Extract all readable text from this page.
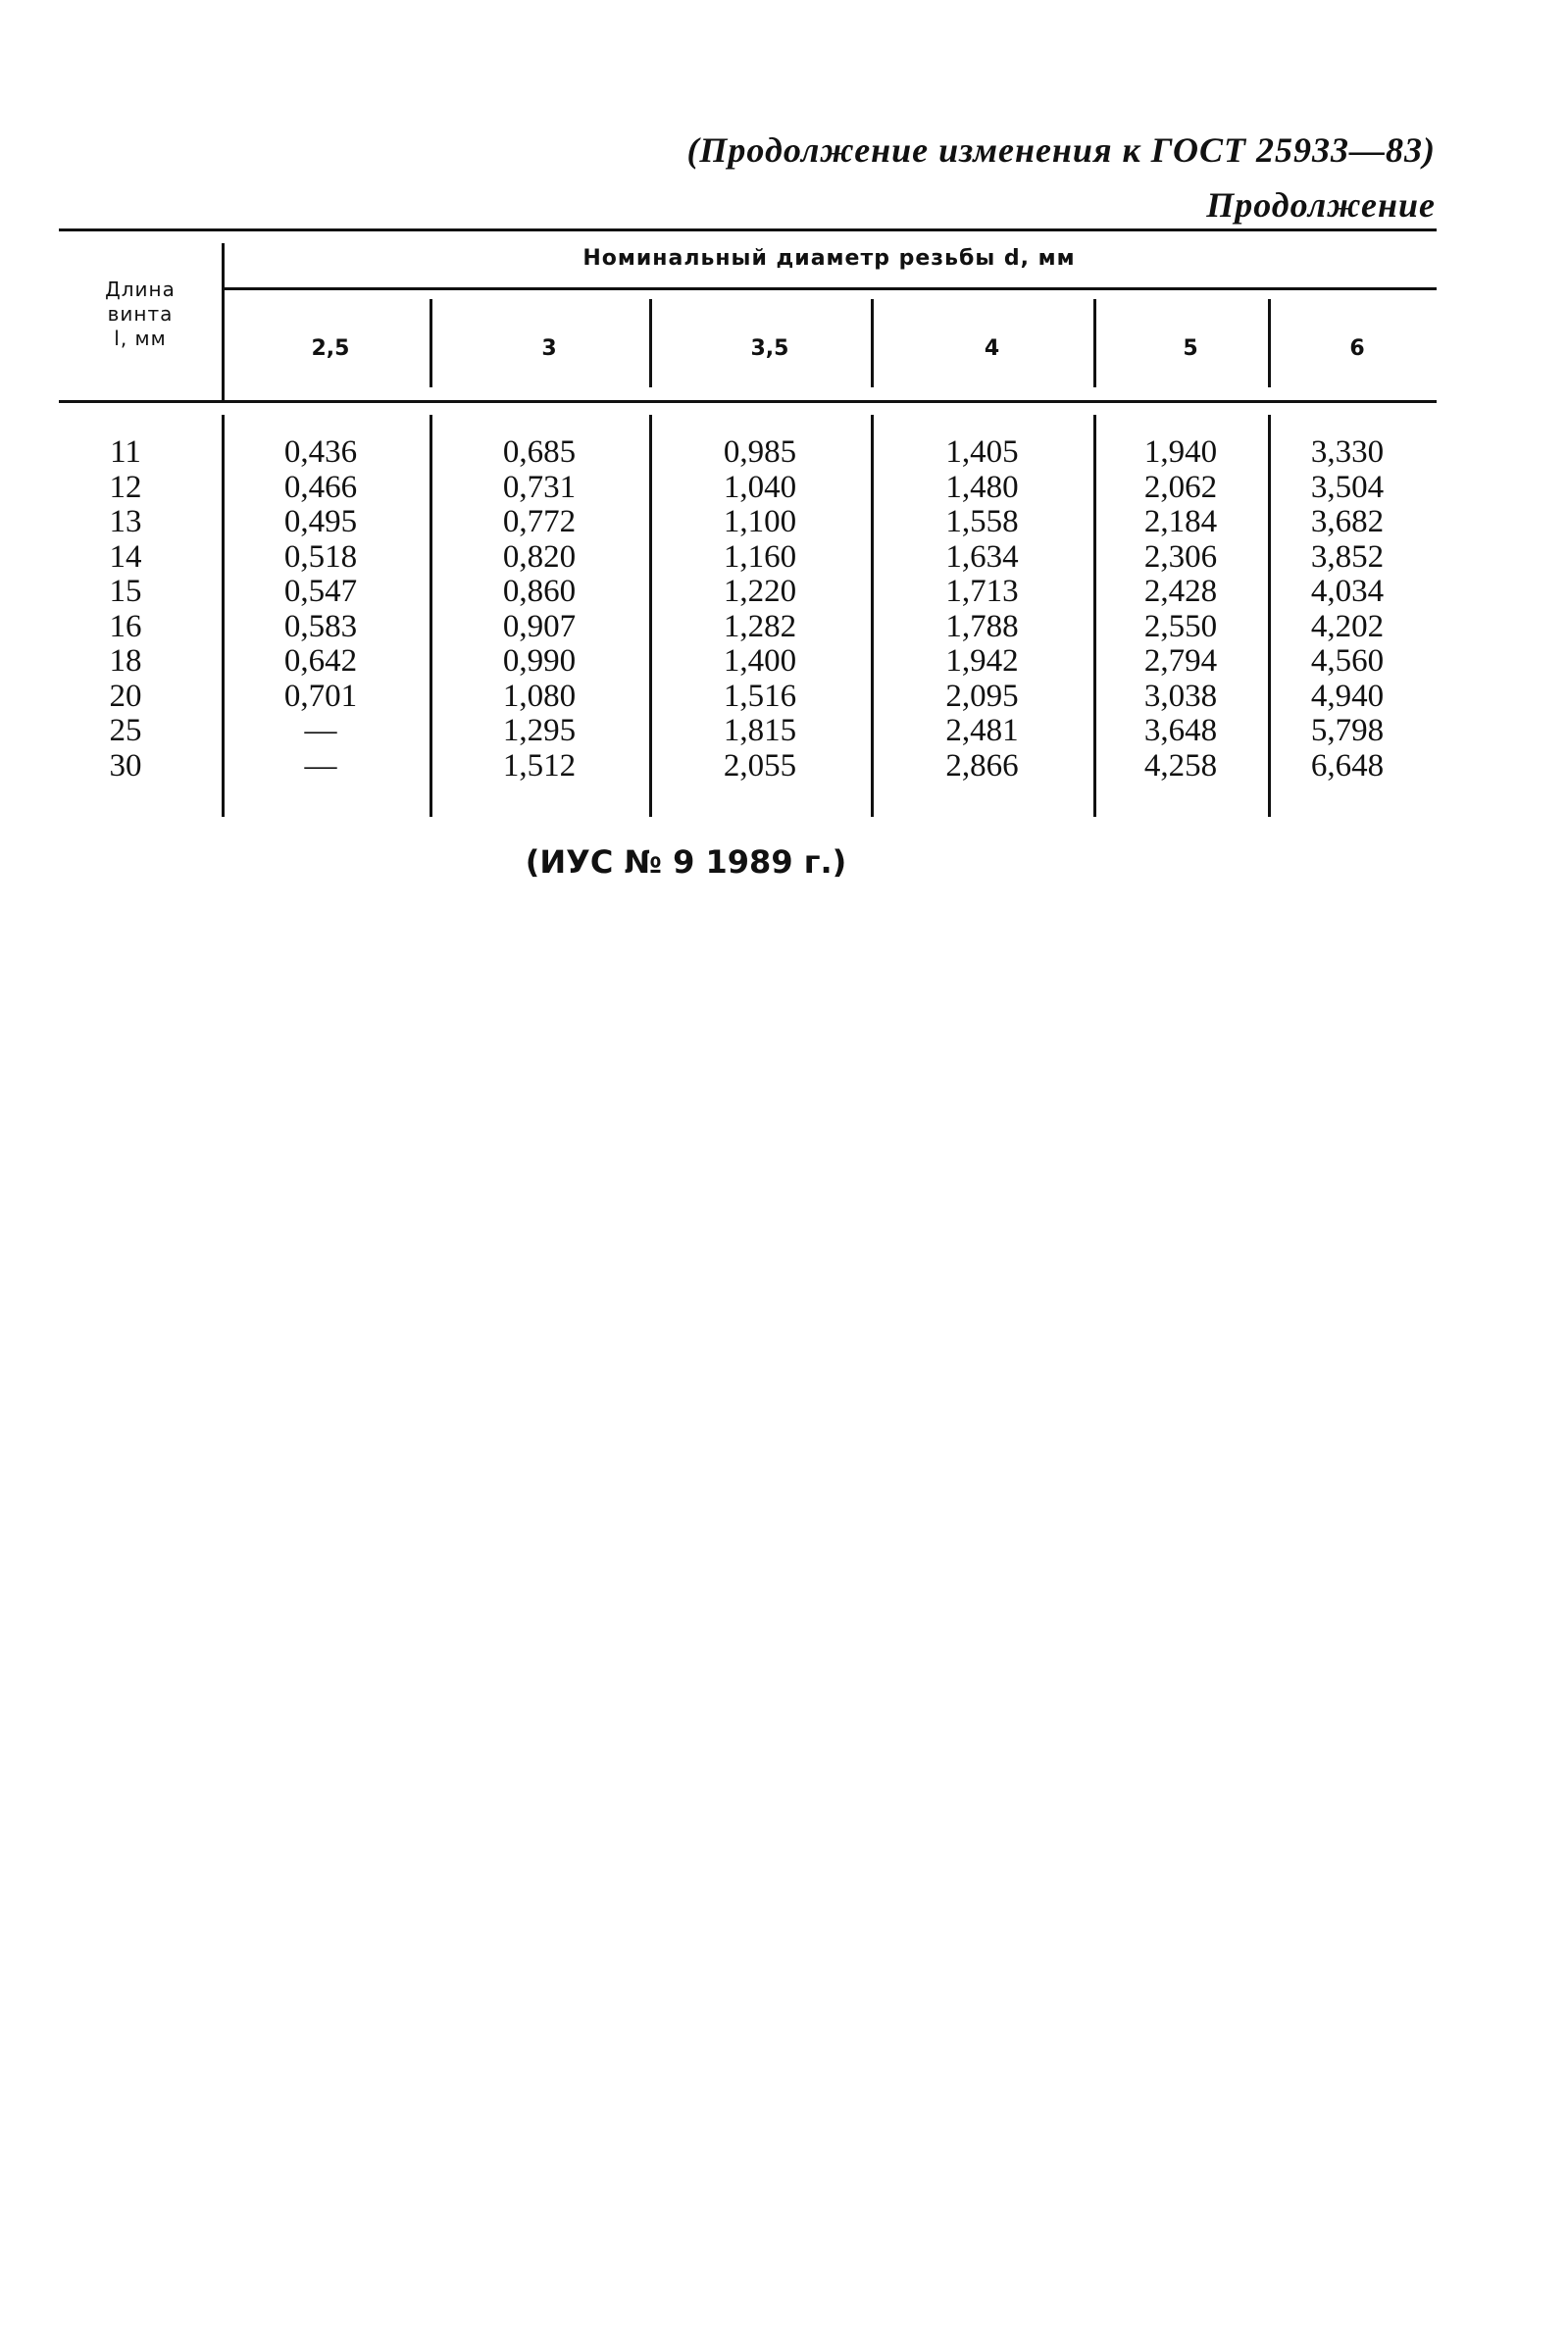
(Продолжение изменения к ГОСТ 25933—83)
Продолжение
Длина
винта
l, мм
Номинальный диаметр резьбы d, мм
2,5	3	3,5	4	5	6
11	0,436	0,685	0,985	1,405	1,940	3,330
12	0,466	0,731	1,040	1,480	2,062	3,504
13	0,495	0,772	1,100	1,558	2,184	3,682
14	0,518	0,820	1,160	1,634	2,306	3,852
15	0,547	0,860	1,220	1,713	2,428	4,034
16	0,583	0,907	1,282	1,788	2,550	4,202
18	0,642	0,990	1,400	1,942	2,794	4,560
20	0,701	1,080	1,516	2,095	3,038	4,940
25	—	1,295	1,815	2,481	3,648	5,798
30	—	1,512	2,055	2,866	4,258	6,648
(ИУС № 9 1989 г.)
